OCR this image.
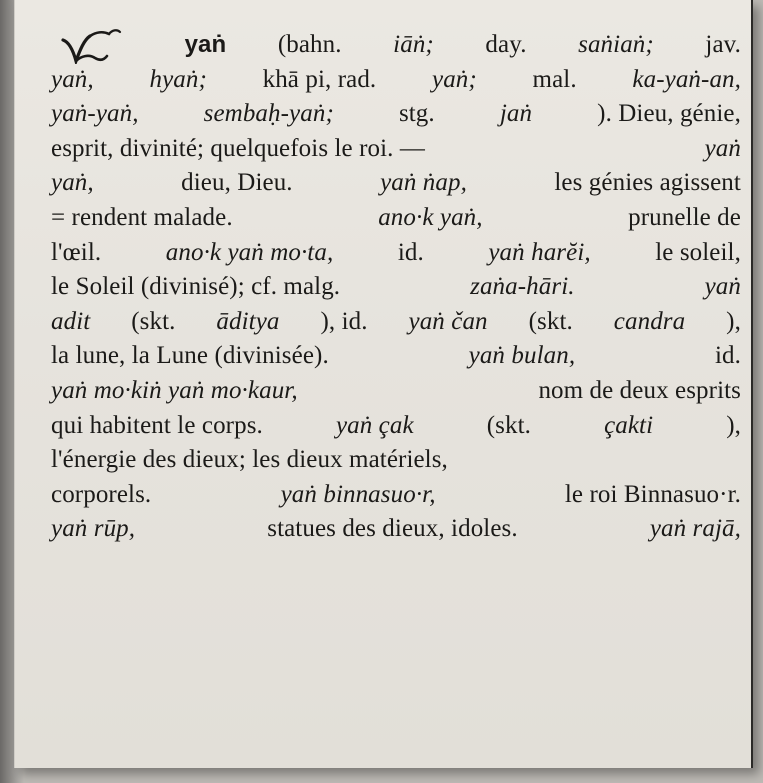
yaṅ (bahn. iāṅ; day. saṅiaṅ; jav.
yaṅ, hyaṅ; khā pi, rad. yaṅ; mal. ka-yaṅ-an,
yaṅ-yaṅ,	sembaḥ-yaṅ;	stg.	jaṅ	). Dieu, génie,
esprit, divinité; quelquefois le roi. —	yaṅ
yaṅ,	dieu, Dieu.	yaṅ ṅap,	les génies agissent
= rendent malade.	ano·k yaṅ,	prunelle de
l'œil.	ano·k yaṅ mo·ta,	id.	yaṅ harĕi,	le soleil,
le Soleil (divinisé); cf. malg.	zaṅa-hāri.	yaṅ
adit (skt. āditya ), id. yaṅ čan (skt. candra ),
la lune, la Lune (divinisée).	yaṅ bulan,	id.
yaṅ mo·kiṅ yaṅ mo·kaur,	nom de deux esprits
qui habitent le corps.	yaṅ çak	(skt.	çakti	),
l'énergie des dieux; les dieux matériels,
corporels.	yaṅ binnasuo·r,	le roi Binnasuo·r.
yaṅ rūp,	statues des dieux, idoles.	yaṅ rajā,
